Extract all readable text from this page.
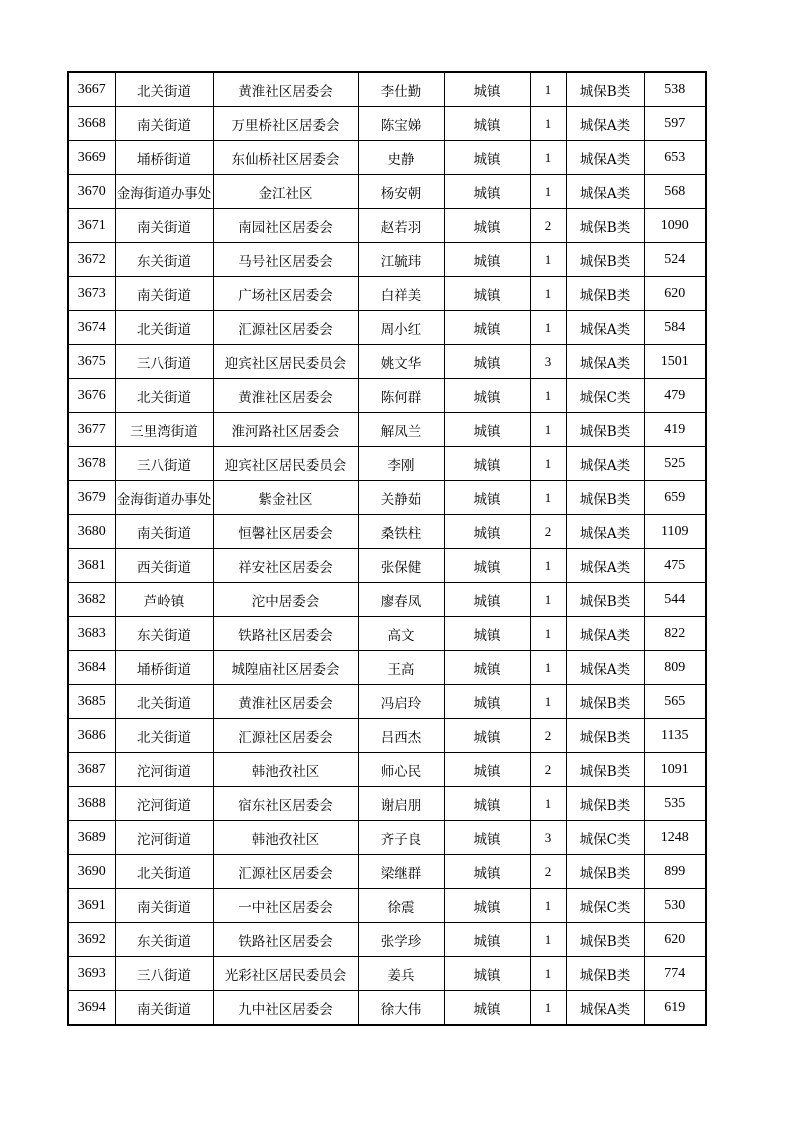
3667	北关街道	黄淮社区居委会	李仕勤	城镇	1	城保B类	538
3668	南关街道	万里桥社区居委会	陈宝娣	城镇	1	城保A类	597
3669	埇桥街道	东仙桥社区居委会	史静	城镇	1	城保A类	653
3670	金海街道办事处	金江社区	杨安朝	城镇	1	城保A类	568
3671	南关街道	南园社区居委会	赵若羽	城镇	2	城保B类	1090
3672	东关街道	马号社区居委会	江毓玮	城镇	1	城保B类	524
3673	南关街道	广场社区居委会	白祥美	城镇	1	城保B类	620
3674	北关街道	汇源社区居委会	周小红	城镇	1	城保A类	584
3675	三八街道	迎宾社区居民委员会	姚文华	城镇	3	城保A类	1501
3676	北关街道	黄淮社区居委会	陈何群	城镇	1	城保C类	479
3677	三里湾街道	淮河路社区居委会	解凤兰	城镇	1	城保B类	419
3678	三八街道	迎宾社区居民委员会	李刚	城镇	1	城保A类	525
3679	金海街道办事处	紫金社区	关静茹	城镇	1	城保B类	659
3680	南关街道	恒馨社区居委会	桑铁柱	城镇	2	城保A类	1109
3681	西关街道	祥安社区居委会	张保健	城镇	1	城保A类	475
3682	芦岭镇	沱中居委会	廖春凤	城镇	1	城保B类	544
3683	东关街道	铁路社区居委会	高文	城镇	1	城保A类	822
3684	埇桥街道	城隍庙社区居委会	王高	城镇	1	城保A类	809
3685	北关街道	黄淮社区居委会	冯启玲	城镇	1	城保B类	565
3686	北关街道	汇源社区居委会	吕西杰	城镇	2	城保B类	1135
3687	沱河街道	韩池孜社区	师心民	城镇	2	城保B类	1091
3688	沱河街道	宿东社区居委会	谢启朋	城镇	1	城保B类	535
3689	沱河街道	韩池孜社区	齐子良	城镇	3	城保C类	1248
3690	北关街道	汇源社区居委会	梁继群	城镇	2	城保B类	899
3691	南关街道	一中社区居委会	徐震	城镇	1	城保C类	530
3692	东关街道	铁路社区居委会	张学珍	城镇	1	城保B类	620
3693	三八街道	光彩社区居民委员会	姜兵	城镇	1	城保B类	774
3694	南关街道	九中社区居委会	徐大伟	城镇	1	城保A类	619
